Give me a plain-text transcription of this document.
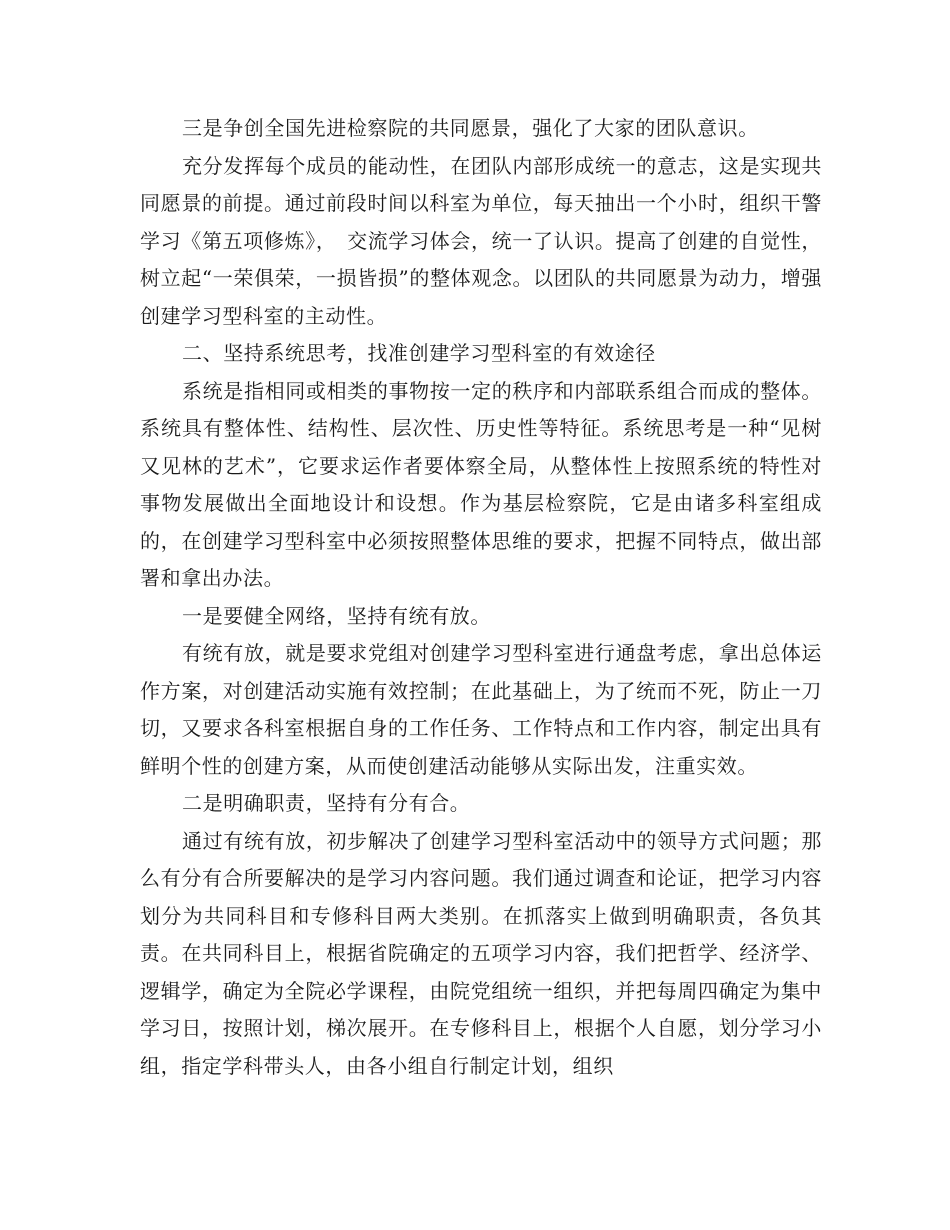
三是争创全国先进检察院的共同愿景，强化了大家的团队意识。

充分发挥每个成员的能动性，在团队内部形成统一的意志，这是实现共同愿景的前提。通过前段时间以科室为单位，每天抽出一个小时，组织干警学习《第五项修炼》，　交流学习体会，统一了认识。提高了创建的自觉性，树立起“一荣俱荣，一损皆损”的整体观念。以团队的共同愿景为动力，增强创建学习型科室的主动性。

二、坚持系统思考，找准创建学习型科室的有效途径

系统是指相同或相类的事物按一定的秩序和内部联系组合而成的整体。系统具有整体性、结构性、层次性、历史性等特征。系统思考是一种“见树又见林的艺术”，它要求运作者要体察全局，从整体性上按照系统的特性对事物发展做出全面地设计和设想。作为基层检察院，它是由诸多科室组成的，在创建学习型科室中必须按照整体思维的要求，把握不同特点，做出部署和拿出办法。

一是要健全网络，坚持有统有放。

有统有放，就是要求党组对创建学习型科室进行通盘考虑，拿出总体运作方案，对创建活动实施有效控制；在此基础上，为了统而不死，防止一刀切，又要求各科室根据自身的工作任务、工作特点和工作内容，制定出具有鲜明个性的创建方案，从而使创建活动能够从实际出发，注重实效。

二是明确职责，坚持有分有合。

通过有统有放，初步解决了创建学习型科室活动中的领导方式问题；那么有分有合所要解决的是学习内容问题。我们通过调查和论证，把学习内容划分为共同科目和专修科目两大类别。在抓落实上做到明确职责，各负其责。在共同科目上，根据省院确定的五项学习内容，我们把哲学、经济学、逻辑学，确定为全院必学课程，由院党组统一组织，并把每周四确定为集中学习日，按照计划，梯次展开。在专修科目上，根据个人自愿，划分学习小组，指定学科带头人，由各小组自行制定计划，组织
